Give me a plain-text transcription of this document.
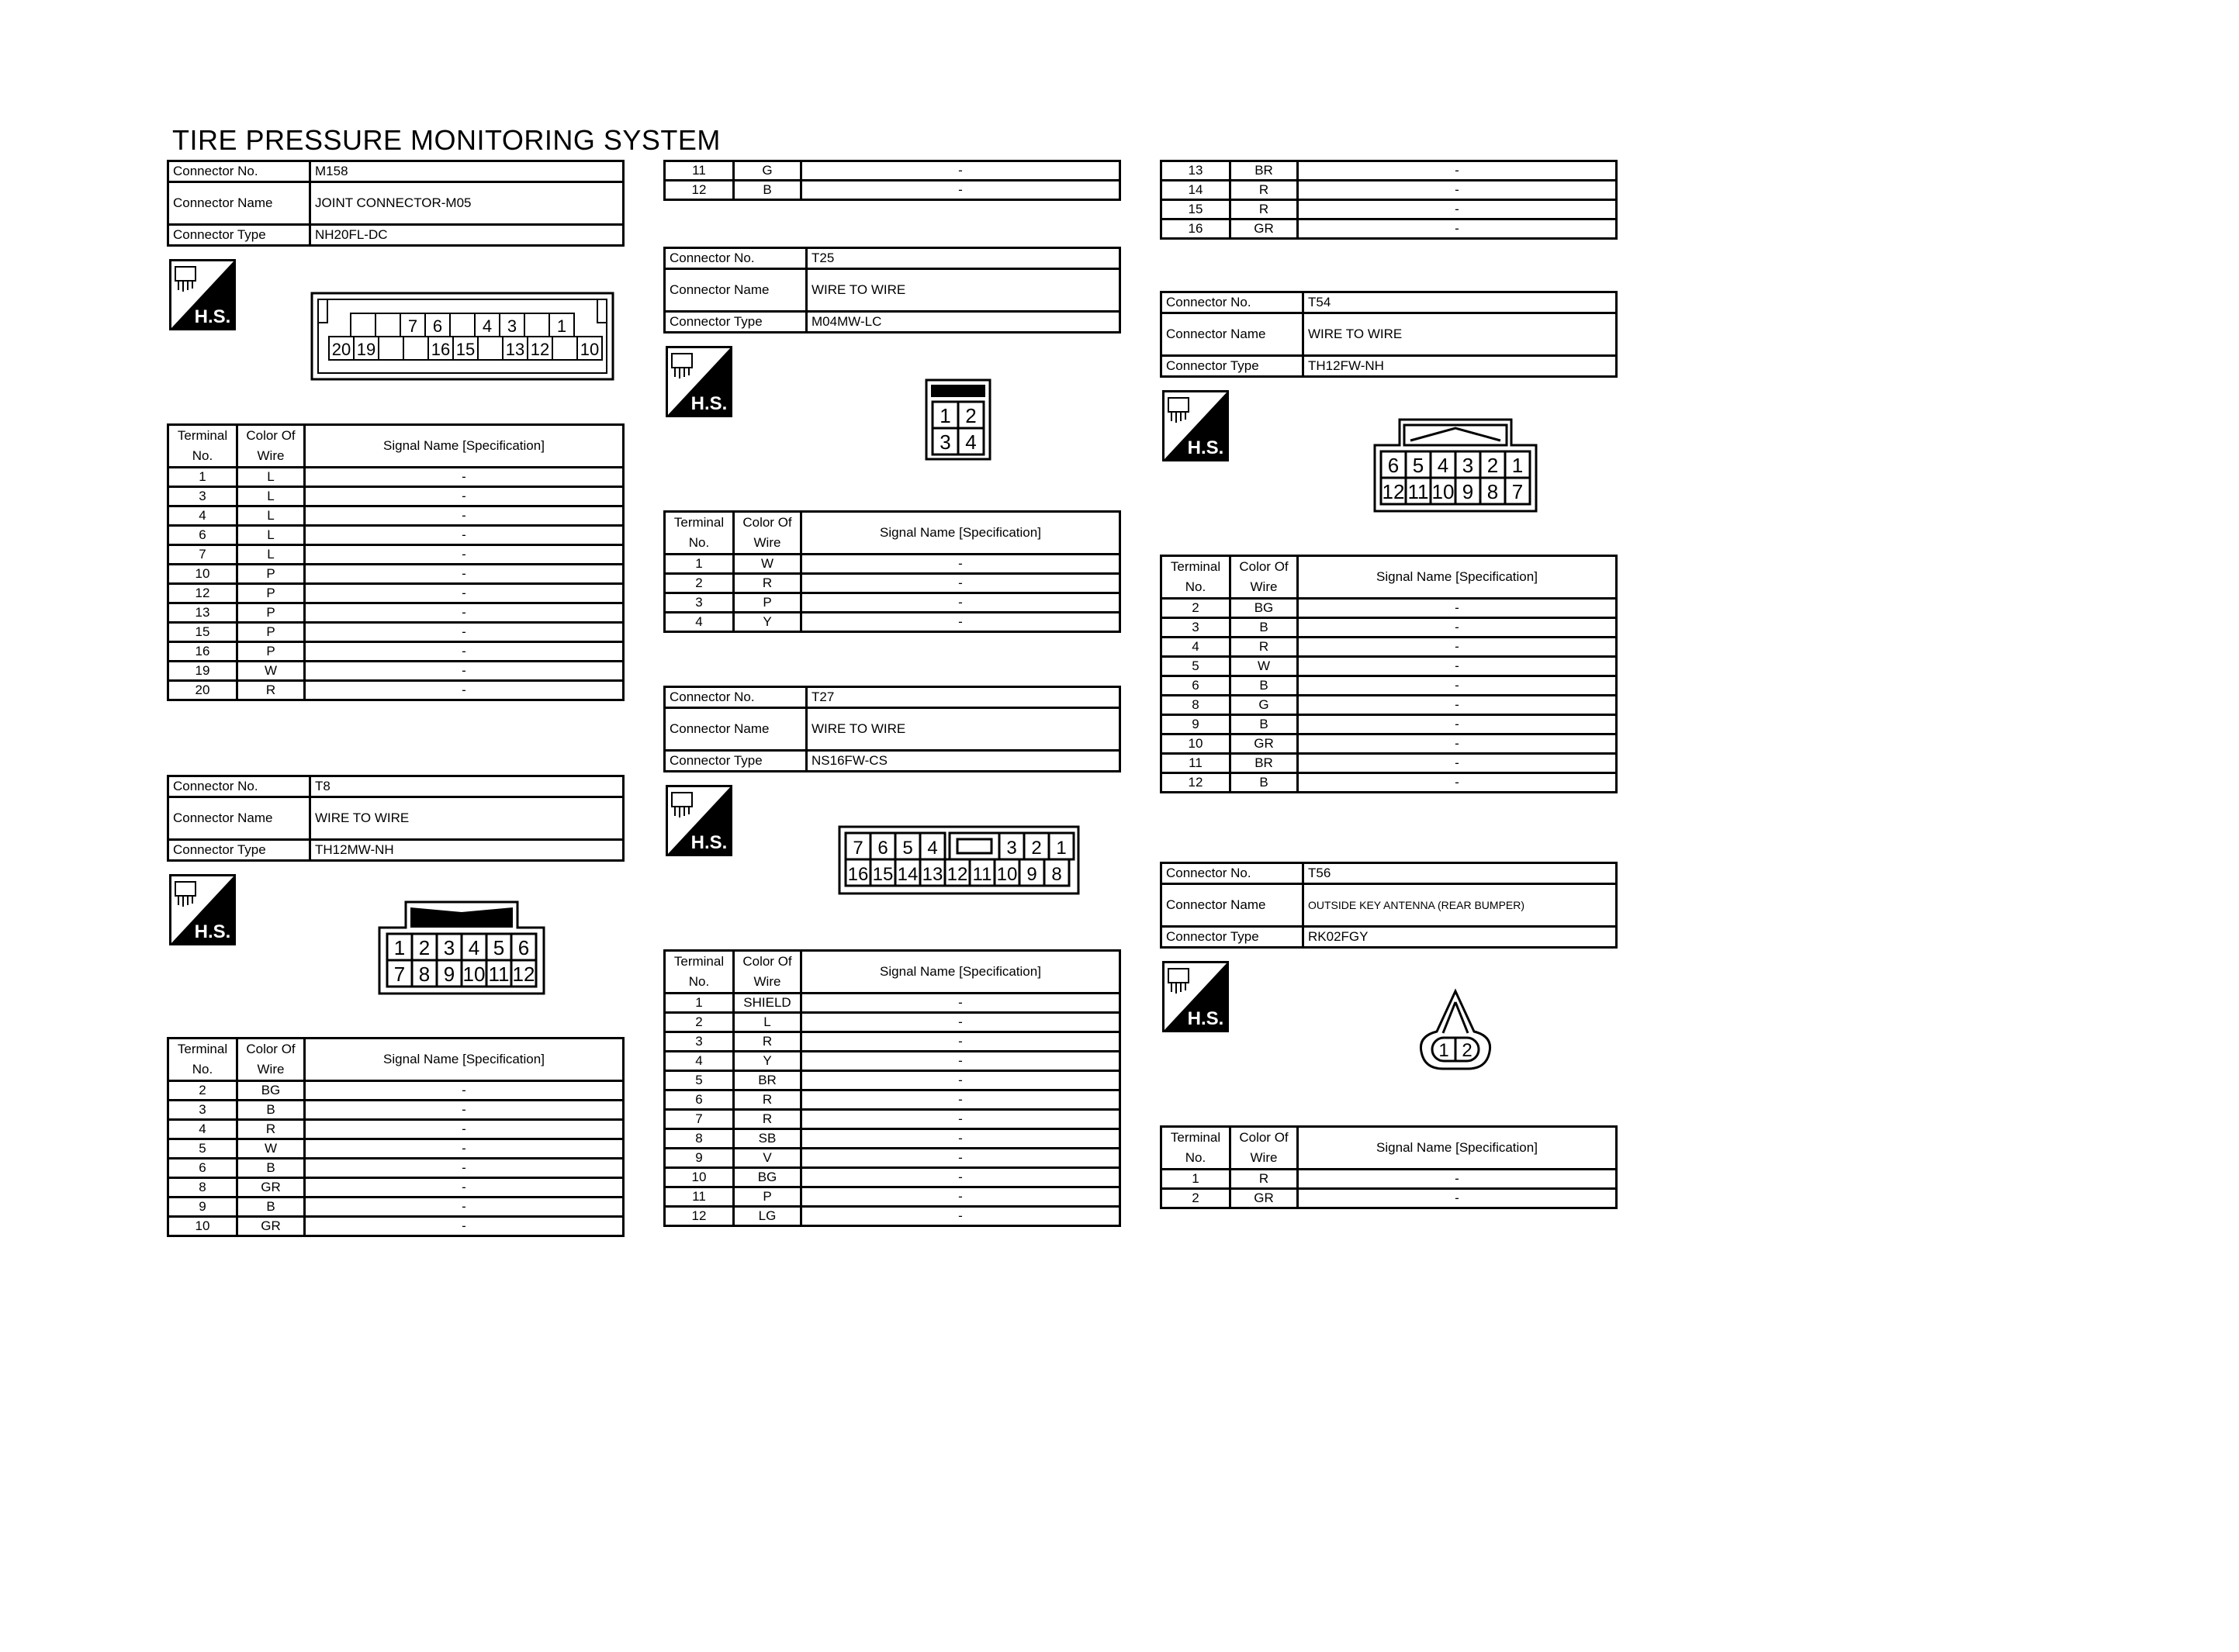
TIRE PRESSURE MONITORING SYSTEM
Connector No.	M158
Connector Name	JOINT CONNECTOR-M05
Connector Type	NH20FL-DC
H.S.	7 6 4 3 1
20 19	16 15 13 12 10
Terminal
No.	Color Of
Wire	Signal Name [Specification]
1	L	-
3	L	-
4	L	-
6	L	-
7	L	-
10	P	-
12	P	-
13	P	-
15	P	-
16	P	-
19	W	-
20	R	-
Connector No.	T8
Connector Name	WIRE TO WIRE
Connector Type	TH12MW-NH
H.S.
1 2 3 4 5 6
7 8 9 10 11 12
Terminal
No.	Color Of
Wire	Signal Name [Specification]
2	BG	-
3	B	-
4	R	-
5	W	-
6	B	-
8	GR	-
9	B	-
10	GR	-
11	G	-
12	B	-
Connector No.	T25
Connector Name	WIRE TO WIRE
Connector Type	M04MW-LC
H.S.
1 2
3 4
Terminal
No.	Color Of
Wire	Signal Name [Specification]
1	W	-
2	R	-
3	P	-
4	Y	-
Connector No.	T27
Connector Name	WIRE TO WIRE
Connector Type	NS16FW-CS
H.S.	7 6 5 4	3 2 1
16 15 14 13 12 11 10 9 8
Terminal
No.	Color Of
Wire	Signal Name [Specification]
1	SHIELD	-
2	L	-
3	R	-
4	Y	-
5	BR	-
6	R	-
7	R	-
8	SB	-
9	V	-
10	BG	-
11	P	-
12	LG	-
13	BR	-
14	R	-
15	R	-
16	GR	-
Connector No.	T54
Connector Name	WIRE TO WIRE
Connector Type	TH12FW-NH
H.S.
6 5 4 3 2 1
12 11 10 9 8 7
Terminal
No.	Color Of
Wire	Signal Name [Specification]
2	BG	-
3	B	-
4	R	-
5	W	-
6	B	-
8	G	-
9	B	-
10	GR	-
11	BR	-
12	B	-
Connector No.	T56
Connector Name	OUTSIDE KEY ANTENNA (REAR BUMPER)
Connector Type	RK02FGY
H.S.
1 2
Terminal
No.	Color Of
Wire	Signal Name [Specification]
1	R	-
2	GR	-
